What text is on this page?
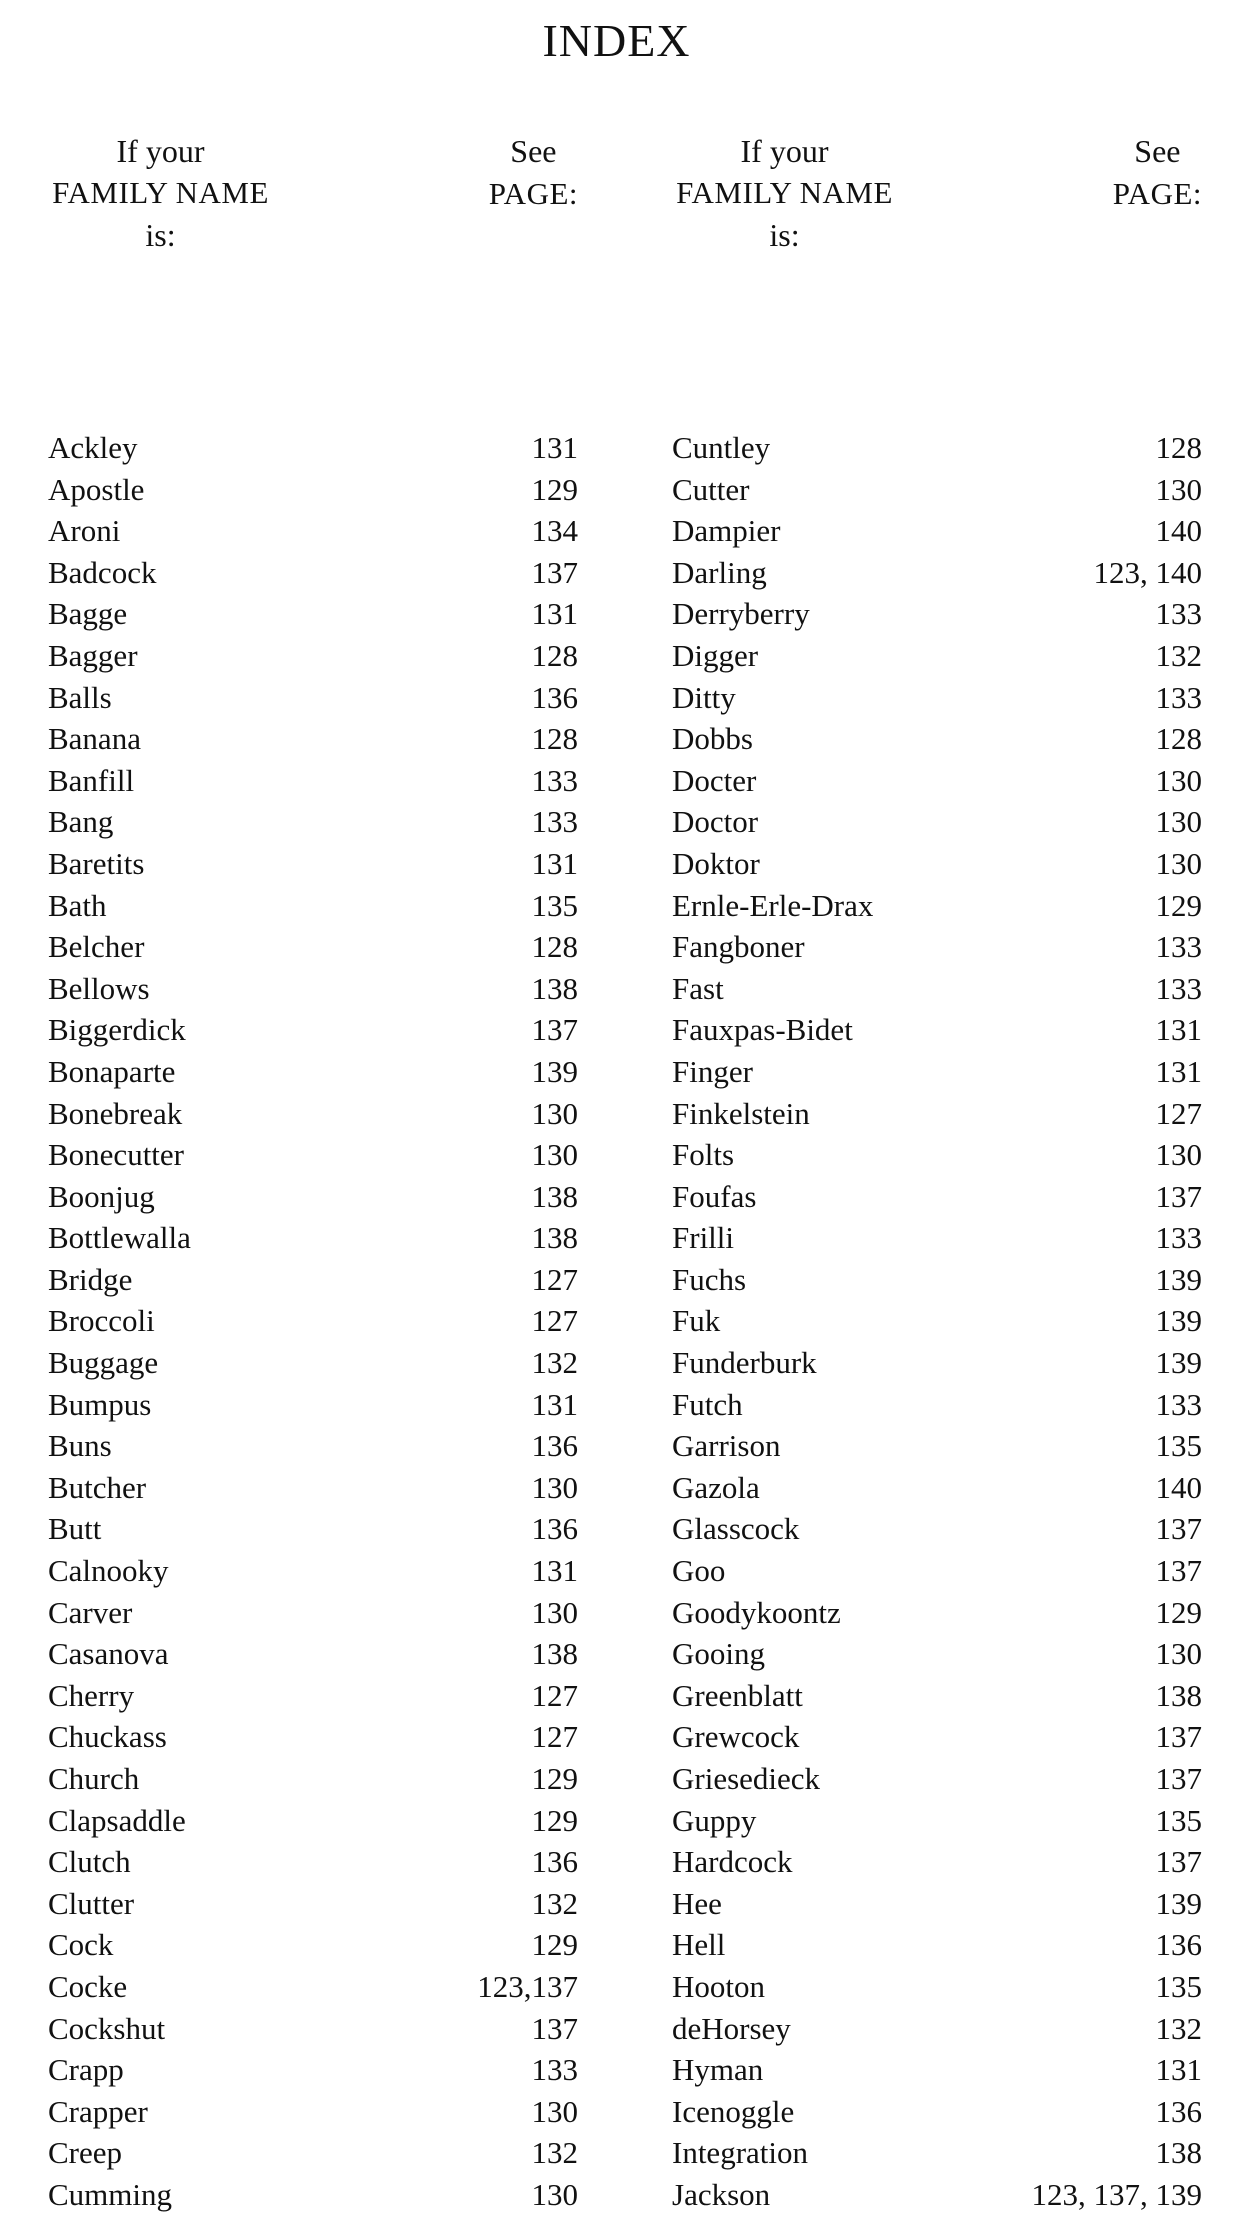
INDEX
If your
FAMILY NAME
is:
See
PAGE:
Ackley	131
Apostle	129
Aroni	134
Badcock	137
Bagge	131
Bagger	128
Balls	136
Banana	128
Banfill	133
Bang	133
Baretits	131
Bath	135
Belcher	128
Bellows	138
Biggerdick	137
Bonaparte	139
Bonebreak	130
Bonecutter	130
Boonjug	138
Bottlewalla	138
Bridge	127
Broccoli	127
Buggage	132
Bumpus	131
Buns	136
Butcher	130
Butt	136
Calnooky	131
Carver	130
Casanova	138
Cherry	127
Chuckass	127
Church	129
Clapsaddle	129
Clutch	136
Clutter	132
Cock	129
Cocke	123,137
Cockshut	137
Crapp	133
Crapper	130
Creep	132
Cumming	130
If your
FAMILY NAME
is:
See
PAGE:
Cuntley	128
Cutter	130
Dampier	140
Darling	123, 140
Derryberry	133
Digger	132
Ditty	133
Dobbs	128
Docter	130
Doctor	130
Doktor	130
Ernle-Erle-Drax	129
Fangboner	133
Fast	133
Fauxpas-Bidet	131
Finger	131
Finkelstein	127
Folts	130
Foufas	137
Frilli	133
Fuchs	139
Fuk	139
Funderburk	139
Futch	133
Garrison	135
Gazola	140
Glasscock	137
Goo	137
Goodykoontz	129
Gooing	130
Greenblatt	138
Grewcock	137
Griesedieck	137
Guppy	135
Hardcock	137
Hee	139
Hell	136
Hooton	135
deHorsey	132
Hyman	131
Icenoggle	136
Integration	138
Jackson	123, 137, 139
